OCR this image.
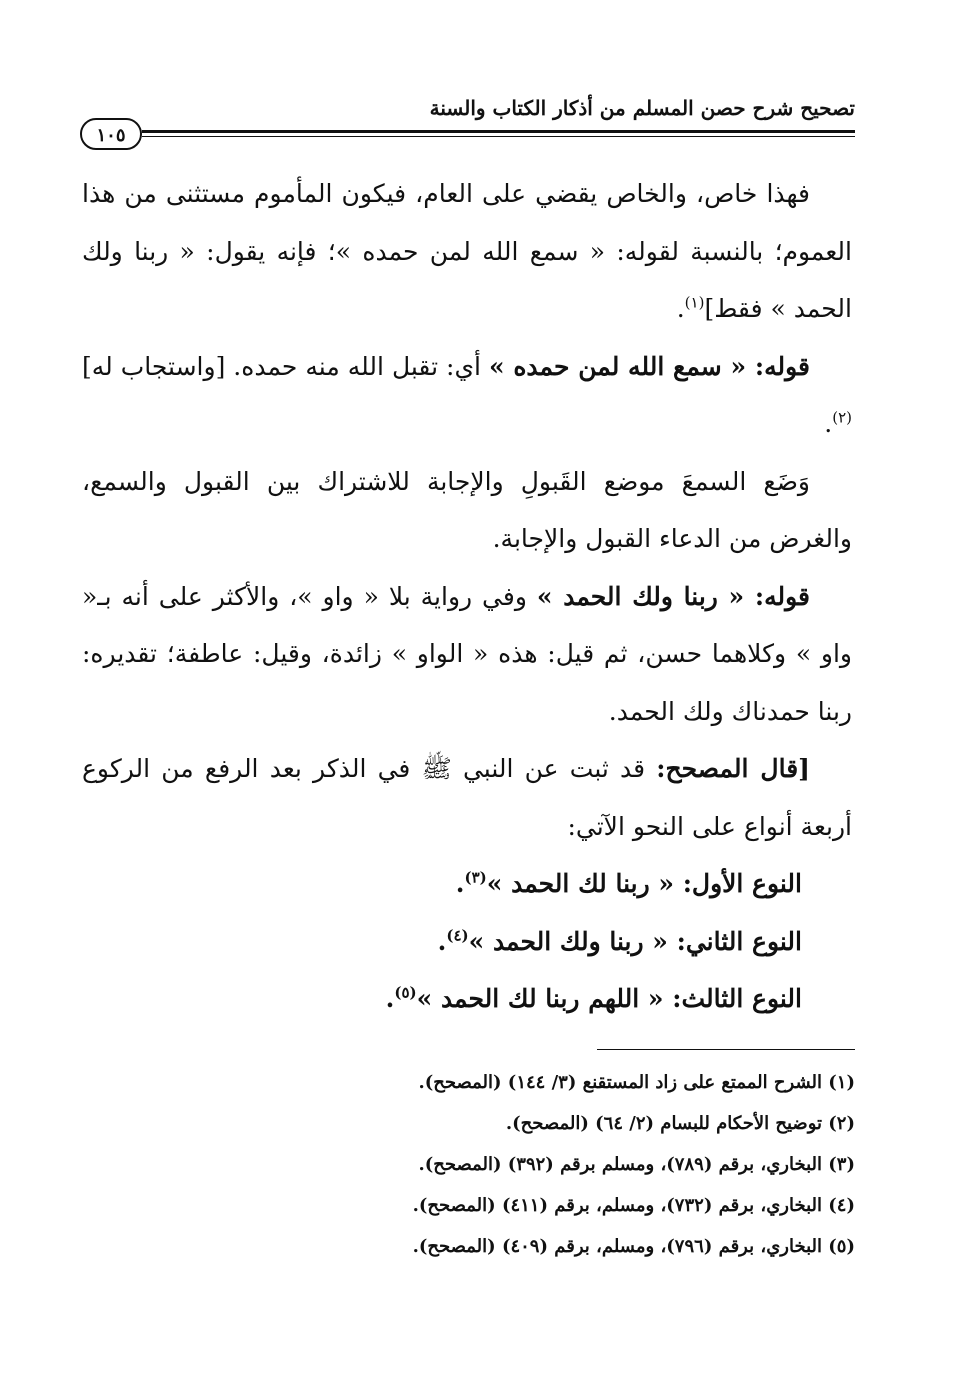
تصحيح شرح حصن المسلم من أذكار الكتاب والسنة
١٠٥

فهذا خاص، والخاص يقضي على العام، فيكون المأموم مستثنى من هذا العموم؛ بالنسبة لقوله: « سمع الله لمن حمده »؛ فإنه يقول: « ربنا ولك الحمد » فقط]$^{(١)}$.

قوله: « سمع الله لمن حمده » أي: تقبل الله منه حمده. [واستجاب له]$^{(٢)}$.

وَضَع السمعَ موضع القَبولِ والإجابة للاشتراك بين القبول والسمع، والغرض من الدعاء القبول والإجابة.

قوله: « ربنا ولك الحمد » وفي رواية بلا « واو »، والأكثر على أنه بـ« واو » وكلاهما حسن، ثم قيل: هذه « الواو » زائدة، وقيل: عاطفة؛ تقديره: ربنا حمدناك ولك الحمد.

[قال المصحح: قد ثبت عن النبي ﷺ في الذكر بعد الرفع من الركوع أربعة أنواع على النحو الآتي:

النوع الأول: « ربنا لك الحمد »$^{(٣)}$.

النوع الثاني: « ربنا ولك الحمد »$^{(٤)}$.

النوع الثالث: « اللهم ربنا لك الحمد »$^{(٥)}$.

(١) الشرح الممتع على زاد المستقنع (٣/ ١٤٤) (المصحح).

(٢) توضيح الأحكام للبسام (٢/ ٦٤) (المصحح).

(٣) البخاري، برقم (٧٨٩)، ومسلم برقم (٣٩٢) (المصحح).

(٤) البخاري، برقم (٧٣٢)، ومسلم، برقم (٤١١) (المصحح).

(٥) البخاري، برقم (٧٩٦)، ومسلم، برقم (٤٠٩) (المصحح).
